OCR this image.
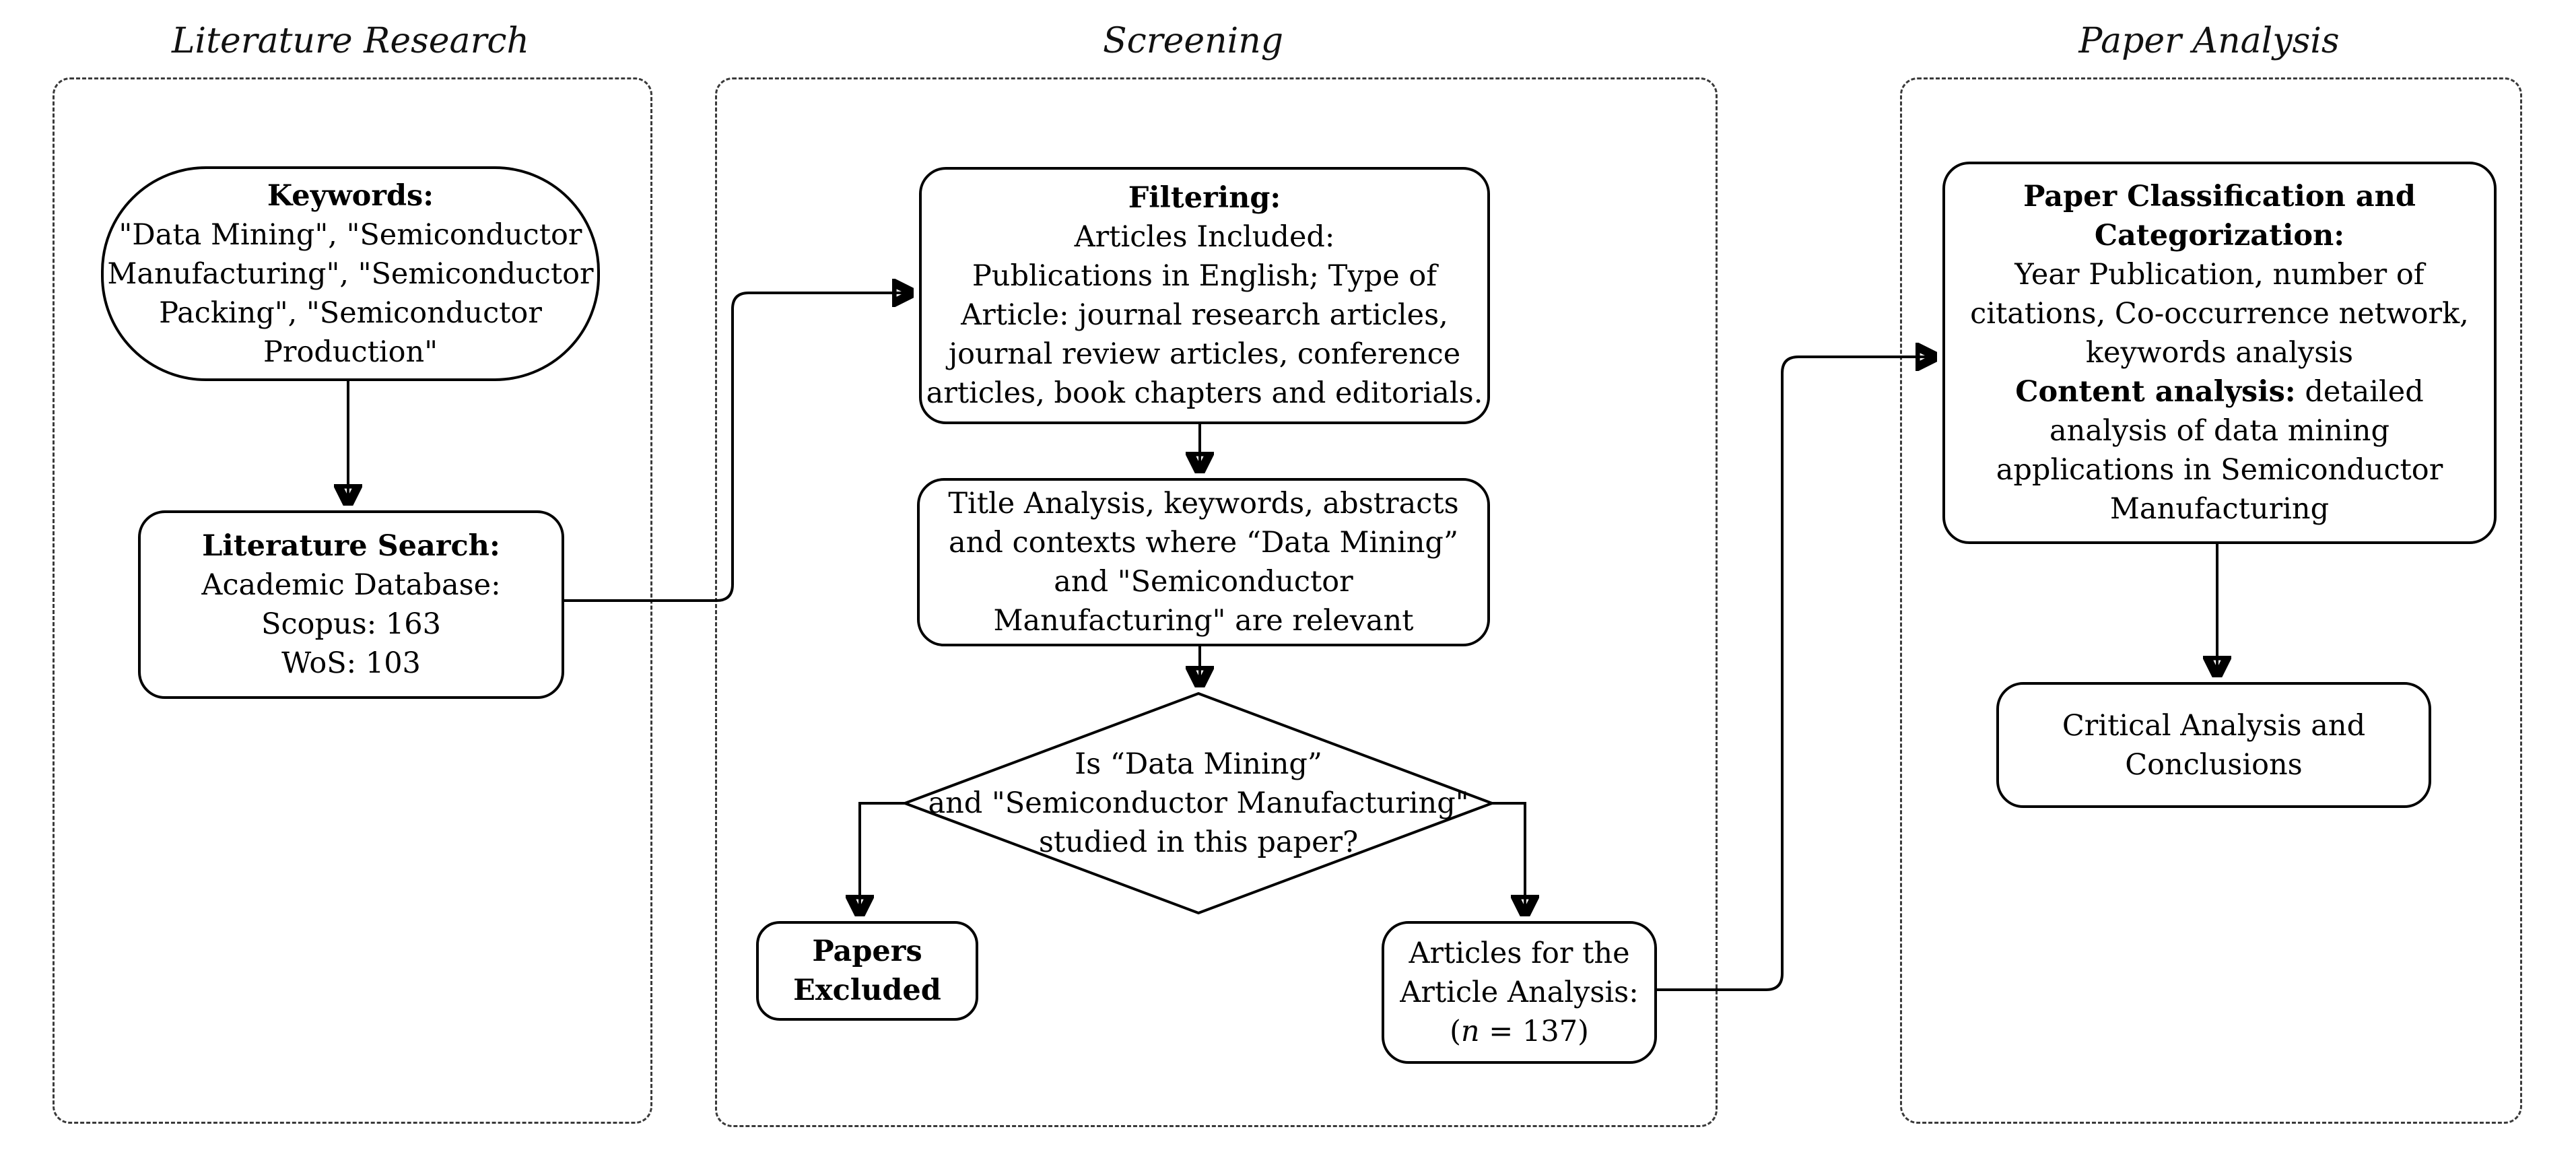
Literature Research	Screening	Paper Analysis
Keywords:
"Data Mining", "Semiconductor
Manufacturing", "Semiconductor
Packing", "Semiconductor
Production"
Literature Search:
Academic Database:
Scopus: 163
WoS: 103
Filtering:
Articles Included:
Publications in English; Type of
Article: journal research articles,
journal review articles, conference
articles, book chapters and editorials.
Title Analysis, keywords, abstracts
and contexts where “Data Mining”
and "Semiconductor
Manufacturing" are relevant
Is “Data Mining”
and "Semiconductor Manufacturing"
studied in this paper?
Papers
Excluded
Articles for the
Article Analysis:
(n = 137)
Paper Classification and
Categorization:
Year Publication, number of
citations, Co-occurrence network,
keywords analysis
Content analysis: detailed
analysis of data mining
applications in Semiconductor
Manufacturing
Critical Analysis and
Conclusions
